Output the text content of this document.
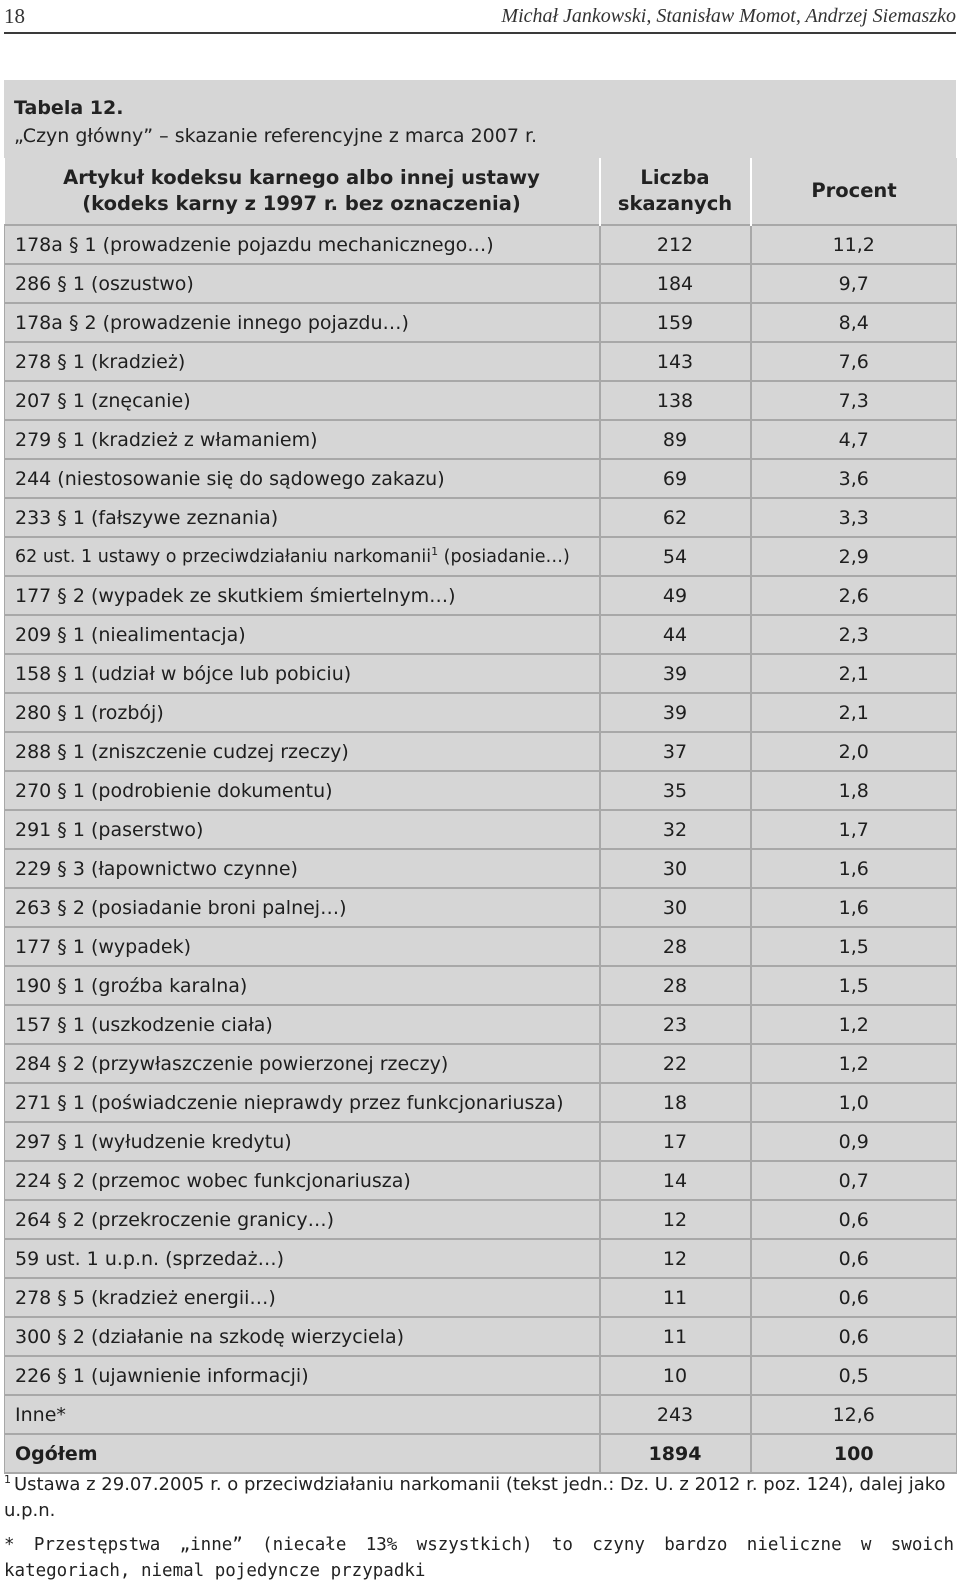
18	Michał Jankowski, Stanisław Momot, Andrzej Siemaszko
Tabela 12.
„Czyn główny” – skazanie referencyjne z marca 2007 r.
Artykuł kodeksu karnego albo innej ustawy
(kodeks karny z 1997 r. bez oznaczenia)	Liczba skazanych	Procent
178a § 1 (prowadzenie pojazdu mechanicznego…)	212	11,2
286 § 1 (oszustwo)	184	9,7
178a § 2 (prowadzenie innego pojazdu…)	159	8,4
278 § 1 (kradzież)	143	7,6
207 § 1 (znęcanie)	138	7,3
279 § 1 (kradzież z włamaniem)	89	4,7
244 (niestosowanie się do sądowego zakazu)	69	3,6
233 § 1 (fałszywe zeznania)	62	3,3
62 ust. 1 ustawy o przeciwdziałaniu narkomanii$^1$ (posiadanie…)	54	2,9
177 § 2 (wypadek ze skutkiem śmiertelnym…)	49	2,6
209 § 1 (niealimentacja)	44	2,3
158 § 1 (udział w bójce lub pobiciu)	39	2,1
280 § 1 (rozbój)	39	2,1
288 § 1 (zniszczenie cudzej rzeczy)	37	2,0
270 § 1 (podrobienie dokumentu)	35	1,8
291 § 1 (paserstwo)	32	1,7
229 § 3 (łapownictwo czynne)	30	1,6
263 § 2 (posiadanie broni palnej…)	30	1,6
177 § 1 (wypadek)	28	1,5
190 § 1 (groźba karalna)	28	1,5
157 § 1 (uszkodzenie ciała)	23	1,2
284 § 2 (przywłaszczenie powierzonej rzeczy)	22	1,2
271 § 1 (poświadczenie nieprawdy przez funkcjonariusza)	18	1,0
297 § 1 (wyłudzenie kredytu)	17	0,9
224 § 2 (przemoc wobec funkcjonariusza)	14	0,7
264 § 2 (przekroczenie granicy…)	12	0,6
59 ust. 1 u.p.n. (sprzedaż…)	12	0,6
278 § 5 (kradzież energii…)	11	0,6
300 § 2 (działanie na szkodę wierzyciela)	11	0,6
226 § 1 (ujawnienie informacji)	10	0,5
Inne*	243	12,6
Ogółem	1894	100

$^1$ Ustawa z 29.07.2005 r. o przeciwdziałaniu narkomanii (tekst jedn.: Dz. U. z 2012 r. poz. 124), dalej jako u.p.n.

* Przestępstwa „inne” (niecałe 13% wszystkich) to czyny bardzo nieliczne w swoich kategoriach, niemal pojedyncze przypadki
